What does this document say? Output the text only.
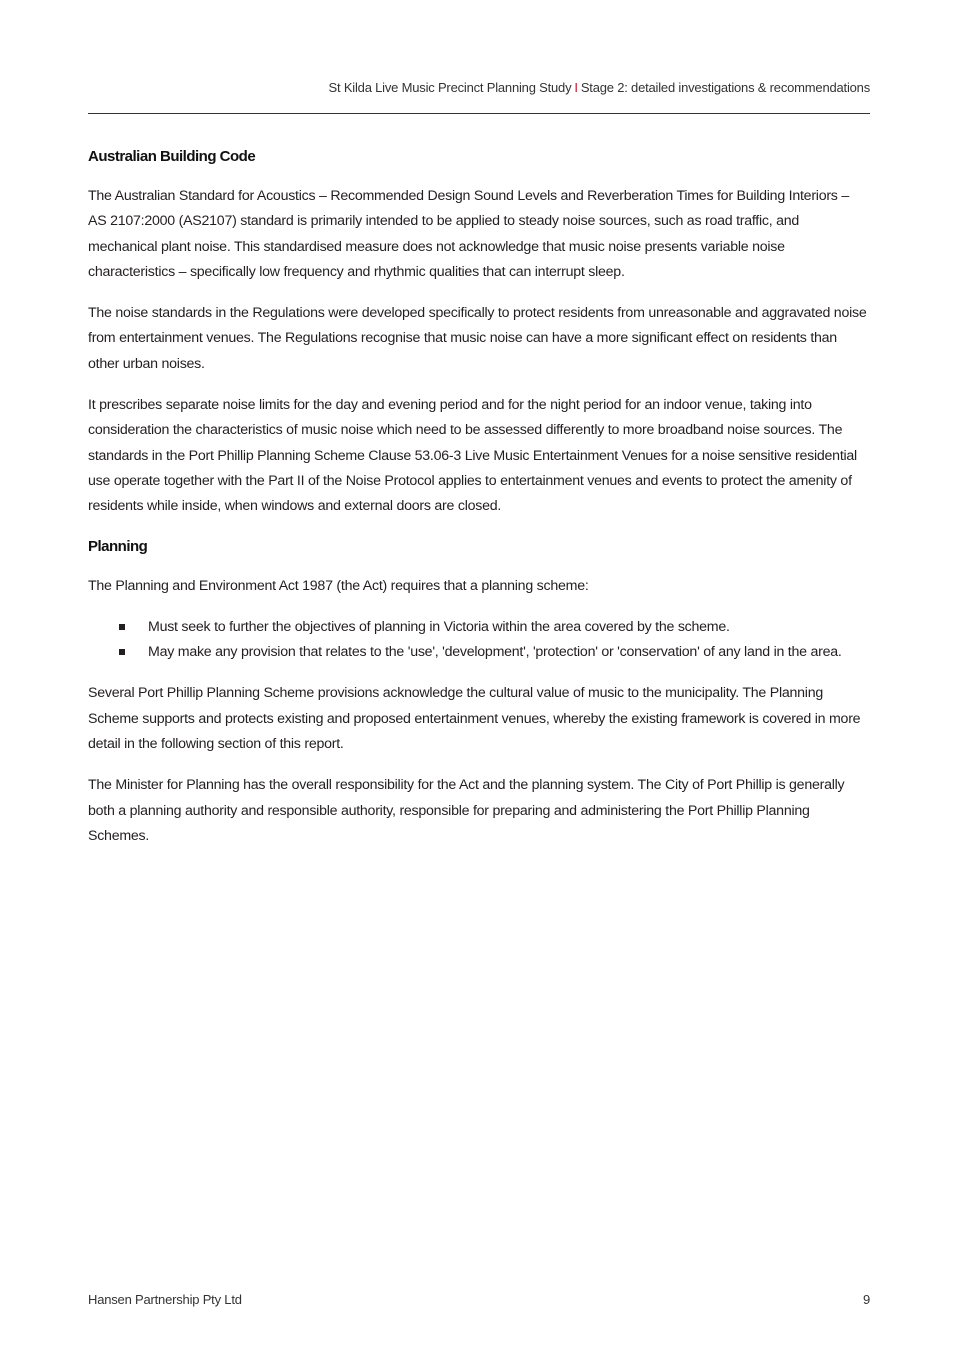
St Kilda Live Music Precinct Planning Study I Stage 2: detailed investigations & recommendations
Australian Building Code

The Australian Standard for Acoustics – Recommended Design Sound Levels and Reverberation Times for Building Interiors – AS 2107:2000 (AS2107) standard is primarily intended to be applied to steady noise sources, such as road traffic, and mechanical plant noise. This standardised measure does not acknowledge that music noise presents variable noise characteristics – specifically low frequency and rhythmic qualities that can interrupt sleep.

The noise standards in the Regulations were developed specifically to protect residents from unreasonable and aggravated noise from entertainment venues. The Regulations recognise that music noise can have a more significant effect on residents than other urban noises.

It prescribes separate noise limits for the day and evening period and for the night period for an indoor venue, taking into consideration the characteristics of music noise which need to be assessed differently to more broadband noise sources. The standards in the Port Phillip Planning Scheme Clause 53.06-3 Live Music Entertainment Venues for a noise sensitive residential use operate together with the Part II of the Noise Protocol applies to entertainment venues and events to protect the amenity of residents while inside, when windows and external doors are closed.

Planning

The Planning and Environment Act 1987 (the Act) requires that a planning scheme:

Must seek to further the objectives of planning in Victoria within the area covered by the scheme.
May make any provision that relates to the 'use', 'development', 'protection' or 'conservation' of any land in the area.

Several Port Phillip Planning Scheme provisions acknowledge the cultural value of music to the municipality. The Planning Scheme supports and protects existing and proposed entertainment venues, whereby the existing framework is covered in more detail in the following section of this report.

The Minister for Planning has the overall responsibility for the Act and the planning system. The City of Port Phillip is generally both a planning authority and responsible authority, responsible for preparing and administering the Port Phillip Planning Schemes.

Hansen Partnership Pty Ltd	9
